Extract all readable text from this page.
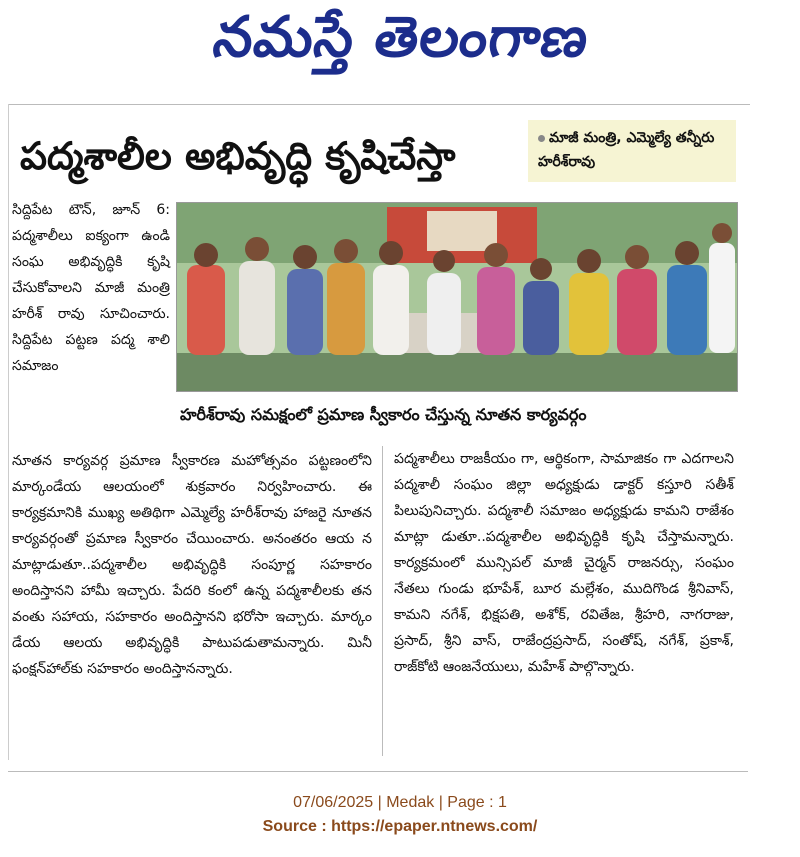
నమస్తే తెలంగాణ
పద్మశాలీల అభివృద్ధి కృషిచేస్తా	మాజీ మంత్రి, ఎమ్మెల్యే తన్నీరు హరీశ్‌రావు
సిద్దిపేట టౌన్, జూన్ 6: పద్మశాలీలు ఐక్యంగా ఉండి సంఘ అభివృద్ధికి కృషి చేసుకోవాలని మాజీ మంత్రి హరీశ్ రావు సూచించారు. సిద్దిపేట పట్టణ పద్మ శాలి సమాజం
హరీశ్‌రావు సమక్షంలో ప్రమాణ స్వీకారం చేస్తున్న నూతన కార్యవర్గం
నూతన కార్యవర్గ ప్రమాణ స్వీకారణ మహోత్సవం పట్టణంలోని మార్కండేయ ఆలయంలో శుక్రవారం నిర్వహించారు. ఈ కార్యక్రమానికి ముఖ్య అతిథిగా ఎమ్మెల్యే హరీశ్‌రావు హాజరై నూతన కార్యవర్గంతో ప్రమాణ స్వీకారం చేయించారు. అనంతరం ఆయ న మాట్లాడుతూ..పద్మశాలీల అభివృద్ధికి సంపూర్ణ సహకారం అందిస్తానని హామీ ఇచ్చారు. పేదరి కంలో ఉన్న పద్మశాలీలకు తన వంతు సహాయ, సహకారం అందిస్తానని భరోసా ఇచ్చారు. మార్కం డేయ ఆలయ అభివృద్ధికి పాటుపడుతామన్నారు. మినీ ఫంక్షన్‌హాల్‌కు సహకారం అందిస్తానన్నారు.
పద్మశాలీలు రాజకీయం గా, ఆర్థికంగా, సామాజికం గా ఎదగాలని పద్మశాలీ సంఘం జిల్లా అధ్యక్షుడు డాక్టర్ కస్తూరి సతీశ్ పిలుపునిచ్చారు. పద్మశాలీ సమాజం అధ్యక్షుడు కామని రాజేశం మాట్లా డుతూ..పద్మశాలీల అభివృద్ధికి కృషి చేస్తామన్నారు. కార్యక్రమంలో మున్సిపల్ మాజీ చైర్మన్ రాజనర్సు, సంఘం నేతలు గుండు భూపేశ్, బూర మల్లేశం, ముదిగొండ శ్రీనివాస్, కామని నగేశ్, భిక్షపతి, అశోక్, రవితేజ, శ్రీహరి, నాగరాజు, ప్రసాద్, శ్రీని వాస్, రాజేంద్రప్రసాద్, సంతోష్, నగేశ్, ప్రకాశ్, రాజ్‌కోటి ఆంజనేయులు, మహేశ్ పాల్గొన్నారు.
07/06/2025 | Medak | Page : 1
Source : https://epaper.ntnews.com/
